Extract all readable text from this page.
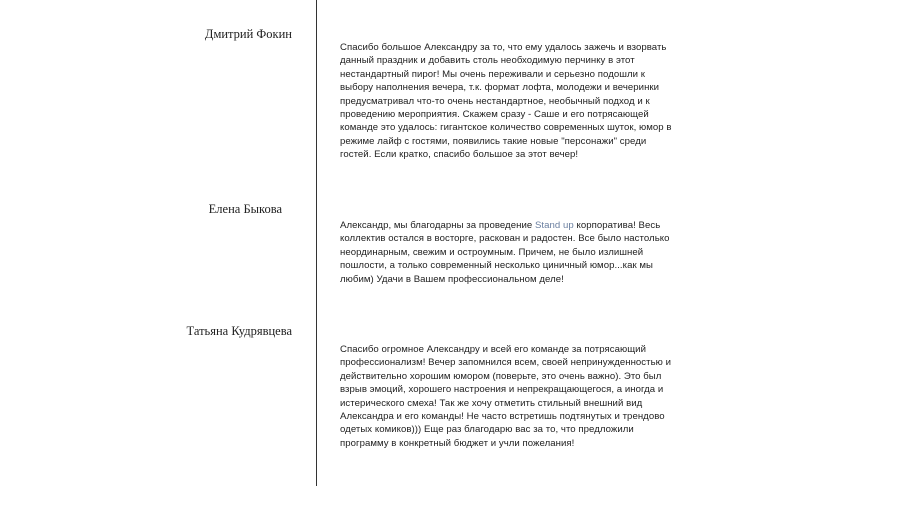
Дмитрий Фокин
Спасибо большое Александру за то, что ему удалось зажечь и взорвать данный праздник и добавить столь необходимую перчинку в этот нестандартный пирог! Мы очень переживали и серьезно подошли к выбору наполнения вечера, т.к. формат лофта, молодежи и вечеринки предусматривал что-то очень нестандартное, необычный подход и к проведению мероприятия. Скажем сразу - Саше и его потрясающей команде это удалось: гигантское количество современных шуток, юмор в режиме лайф с гостями, появились такие новые "персонажи" среди гостей. Если кратко, спасибо большое за этот вечер!
Елена Быкова
Александр, мы благодарны за проведение Stand up корпоратива! Весь коллектив остался в восторге, раскован и радостен. Все было настолько неординарным, свежим и остроумным. Причем, не было излишней пошлости, а только современный несколько циничный юмор...как мы любим) Удачи в Вашем профессиональном деле!
Татьяна Кудрявцева
Спасибо огромное Александру и всей его команде за потрясающий профессионализм! Вечер запомнился всем, своей непринужденностью и действительно хорошим юмором (поверьте, это очень важно). Это был взрыв эмоций, хорошего настроения и непрекращающегося, а иногда и истерического смеха! Так же хочу отметить стильный внешний вид Александра и его команды! Не часто встретишь подтянутых и трендово одетых комиков))) Еще раз благодарю вас за то, что предложили программу в конкретный бюджет и учли пожелания!
